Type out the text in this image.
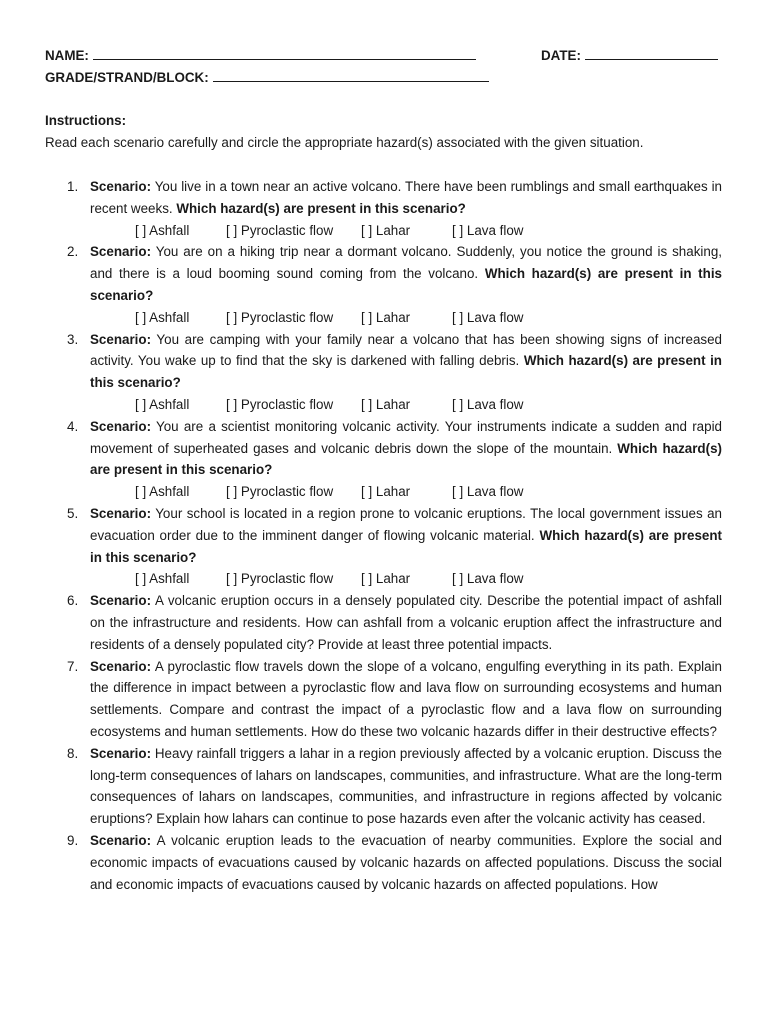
NAME:	DATE:
GRADE/STRAND/BLOCK:
Instructions:
Read each scenario carefully and circle the appropriate hazard(s) associated with the given situation.
1. Scenario: You live in a town near an active volcano. There have been rumblings and small earthquakes in recent weeks. Which hazard(s) are present in this scenario?
[ ] Ashfall	[ ] Pyroclastic flow [ ] Lahar	[ ] Lava flow
2. Scenario: You are on a hiking trip near a dormant volcano. Suddenly, you notice the ground is shaking, and there is a loud booming sound coming from the volcano. Which hazard(s) are present in this scenario?
[ ] Ashfall	[ ] Pyroclastic flow [ ] Lahar	[ ] Lava flow
3. Scenario: You are camping with your family near a volcano that has been showing signs of increased activity. You wake up to find that the sky is darkened with falling debris. Which hazard(s) are present in this scenario?
[ ] Ashfall	[ ] Pyroclastic flow [ ] Lahar	[ ] Lava flow
4. Scenario: You are a scientist monitoring volcanic activity. Your instruments indicate a sudden and rapid movement of superheated gases and volcanic debris down the slope of the mountain. Which hazard(s) are present in this scenario?
[ ] Ashfall	[ ] Pyroclastic flow [ ] Lahar	[ ] Lava flow
5. Scenario: Your school is located in a region prone to volcanic eruptions. The local government issues an evacuation order due to the imminent danger of flowing volcanic material. Which hazard(s) are present in this scenario?
[ ] Ashfall	[ ] Pyroclastic flow [ ] Lahar	[ ] Lava flow
6. Scenario: A volcanic eruption occurs in a densely populated city. Describe the potential impact of ashfall on the infrastructure and residents. How can ashfall from a volcanic eruption affect the infrastructure and residents of a densely populated city? Provide at least three potential impacts.
7. Scenario: A pyroclastic flow travels down the slope of a volcano, engulfing everything in its path. Explain the difference in impact between a pyroclastic flow and lava flow on surrounding ecosystems and human settlements. Compare and contrast the impact of a pyroclastic flow and a lava flow on surrounding ecosystems and human settlements. How do these two volcanic hazards differ in their destructive effects?
8. Scenario: Heavy rainfall triggers a lahar in a region previously affected by a volcanic eruption. Discuss the long-term consequences of lahars on landscapes, communities, and infrastructure. What are the long-term consequences of lahars on landscapes, communities, and infrastructure in regions affected by volcanic eruptions? Explain how lahars can continue to pose hazards even after the volcanic activity has ceased.
9. Scenario: A volcanic eruption leads to the evacuation of nearby communities. Explore the social and economic impacts of evacuations caused by volcanic hazards on affected populations. Discuss the social and economic impacts of evacuations caused by volcanic hazards on affected populations. How
